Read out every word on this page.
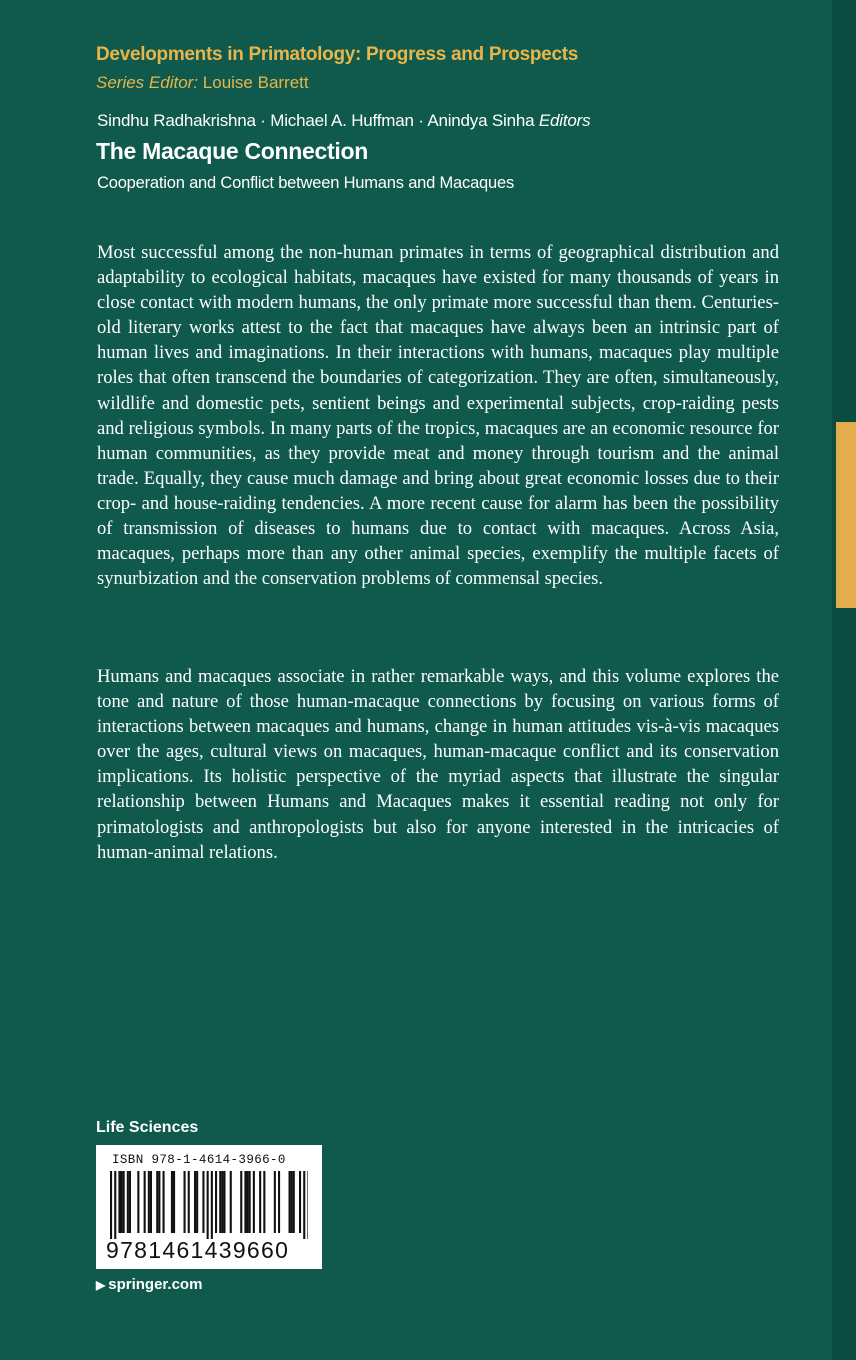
Developments in Primatology: Progress and Prospects
Series Editor: Louise Barrett
Sindhu Radhakrishna · Michael A. Huffman · Anindya Sinha Editors
The Macaque Connection
Cooperation and Conflict between Humans and Macaques

Most successful among the non-human primates in terms of geographical distribution and adaptability to ecological habitats, macaques have existed for many thousands of years in close contact with modern humans, the only primate more successful than them. Centuries-old literary works attest to the fact that macaques have always been an intrinsic part of human lives and imaginations. In their interactions with humans, macaques play multiple roles that often transcend the boundaries of categorization. They are often, simultaneously, wildlife and domestic pets, sentient beings and experimental subjects, crop-raiding pests and religious symbols. In many parts of the tropics, macaques are an economic resource for human communities, as they provide meat and money through tourism and the animal trade. Equally, they cause much damage and bring about great economic losses due to their crop- and house-raiding tendencies. A more recent cause for alarm has been the possibility of transmission of diseases to humans due to contact with macaques. Across Asia, macaques, perhaps more than any other animal species, exemplify the multiple facets of synurbization and the conservation problems of commensal species.

Humans and macaques associate in rather remarkable ways, and this volume explores the tone and nature of those human-macaque connections by focusing on various forms of interactions between macaques and humans, change in human attitudes vis-à-vis macaques over the ages, cultural views on macaques, human-macaque conflict and its conservation implications. Its holistic perspective of the myriad aspects that illustrate the singular relationship between Humans and Macaques makes it essential reading not only for primatologists and anthropologists but also for anyone interested in the intricacies of human-animal relations.

Life Sciences
ISBN 978-1-4614-3966-0
9781461439660
▶ springer.com
